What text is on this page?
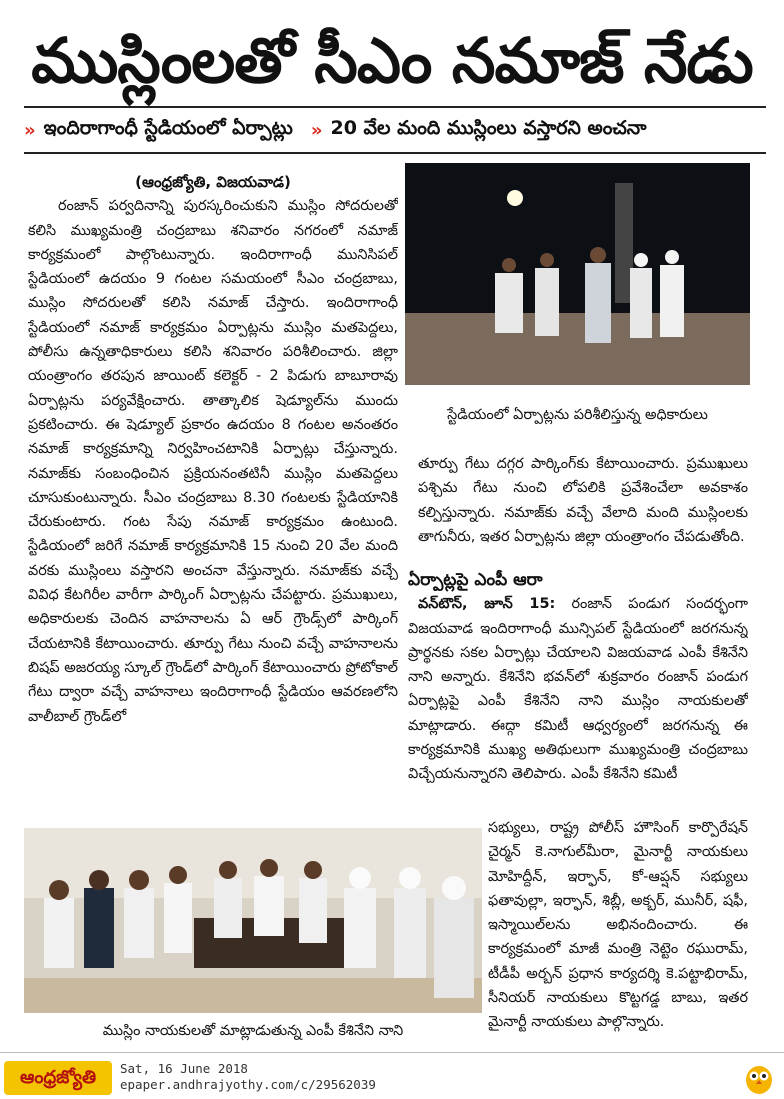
ముస్లింలతో సీఎం నమాజ్ నేడు
» ఇందిరాగాంధీ స్టేడియంలో ఏర్పాట్లు » 20 వేల మంది ముస్లింలు వస్తారని అంచనా

(ఆంధ్రజ్యోతి, విజయవాడ)

రంజాన్ పర్వదినాన్ని పురస్కరించుకుని ముస్లిం సోదరులతో కలిసి ముఖ్యమంత్రి చంద్రబాబు శనివారం నగరంలో నమాజ్ కార్యక్రమంలో పాల్గొంటున్నారు. ఇందిరాగాంధీ మునిసిపల్ స్టేడియంలో ఉదయం 9 గంటల సమయంలో సీఎం చంద్రబాబు, ముస్లిం సోదరులతో కలిసి నమాజ్ చేస్తారు. ఇందిరాగాంధీ స్టేడియంలో నమాజ్ కార్యక్రమం ఏర్పాట్లను ముస్లిం మతపెద్దలు, పోలీసు ఉన్నతాధికారులు కలిసి శనివారం పరిశీలించారు. జిల్లా యంత్రాంగం తరపున జాయింట్ కలెక్టర్ - 2 పిడుగు బాబూరావు ఏర్పాట్లను పర్యవేక్షించారు. తాత్కాలిక షెడ్యూల్‌ను ముందు ప్రకటించారు. ఈ షెడ్యూల్ ప్రకారం ఉదయం 8 గంటల అనంతరం నమాజ్ కార్యక్రమాన్ని నిర్వహించటానికి ఏర్పాట్లు చేస్తున్నారు. నమాజ్‌కు సంబంధించిన ప్రక్రియనంతటినీ ముస్లిం మతపెద్దలు చూసుకుంటున్నారు. సీఎం చంద్రబాబు 8.30 గంటలకు స్టేడియానికి చేరుకుంటారు. గంట సేపు నమాజ్ కార్యక్రమం ఉంటుంది. స్టేడియంలో జరిగే నమాజ్ కార్యక్రమానికి 15 నుంచి 20 వేల మంది వరకు ముస్లింలు వస్తారని అంచనా వేస్తున్నారు. నమాజ్‌కు వచ్చే వివిధ కేటగిరీల వారీగా పార్కింగ్ ఏర్పాట్లను చేపట్టారు. ప్రముఖులు, అధికారులకు చెందిన వాహనాలను ఏ ఆర్ గ్రౌండ్స్‌లో పార్కింగ్ చేయటానికి కేటాయించారు. తూర్పు గేటు నుంచి వచ్చే వాహనాలను బిషప్ అజరయ్య స్కూల్ గ్రౌండ్‌లో పార్కింగ్ కేటాయించారు ప్రోటోకాల్ గేటు ద్వారా వచ్చే వాహనాలు ఇందిరాగాంధీ స్టేడియం ఆవరణలోని వాలీబాల్ గ్రౌండ్‌లో

స్టేడియంలో ఏర్పాట్లను పరిశీలిస్తున్న అధికారులు

తూర్పు గేటు దగ్గర పార్కింగ్‌కు కేటాయించారు. ప్రముఖులు పశ్చిమ గేటు నుంచి లోపలికి ప్రవేశించేలా అవకాశం కల్పిస్తున్నారు. నమాజ్‌కు వచ్చే వేలాది మంది ముస్లింలకు తాగునీరు, ఇతర ఏర్పాట్లను జిల్లా యంత్రాంగం చేపడుతోంది.

ఏర్పాట్లపై ఎంపీ ఆరా

వన్‌టౌన్, జూన్ 15: రంజాన్ పండుగ సందర్భంగా విజయవాడ ఇందిరాగాంధీ మున్సిపల్ స్టేడియంలో జరగనున్న ప్రార్థనకు సకల ఏర్పాట్లు చేయాలని విజయవాడ ఎంపీ కేశినేని నాని అన్నారు. కేశినేని భవన్‌లో శుక్రవారం రంజాన్ పండుగ ఏర్పాట్లపై ఎంపీ కేశినేని నాని ముస్లిం నాయకులతో మాట్లాడారు. ఈద్గా కమిటీ ఆధ్వర్యంలో జరగనున్న ఈ కార్యక్రమానికి ముఖ్య అతిథులుగా ముఖ్యమంత్రి చంద్రబాబు విచ్చేయనున్నారని తెలిపారు. ఎంపీ కేశినేని కమిటీ

సభ్యులు, రాష్ట్ర పోలీస్ హౌసింగ్ కార్పొరేషన్ చైర్మన్ కె.నాగుల్‌మీరా, మైనార్టీ నాయకులు మోహిద్దీన్, ఇర్ఫాన్, కో-ఆప్షన్ సభ్యులు ఫతావుల్లా, ఇర్ఫాన్, శిబ్లీ, అక్బర్, మునీర్, షఫీ, ఇస్మాయిల్‌లను అభినందించారు. ఈ కార్యక్రమంలో మాజీ మంత్రి నెట్టెం రఘురామ్, టీడీపీ అర్బన్ ప్రధాన కార్యదర్శి కె.పట్టాభిరామ్, సీనియర్ నాయకులు కొట్టగడ్డ బాబు, ఇతర మైనార్టీ నాయకులు పాల్గొన్నారు.

ముస్లిం నాయకులతో మాట్లాడుతున్న ఎంపీ కేశినేని నాని
ఆంధ్రజ్యోతి	Sat, 16 June 2018
epaper.andhrajyothy.com/c/29562039
